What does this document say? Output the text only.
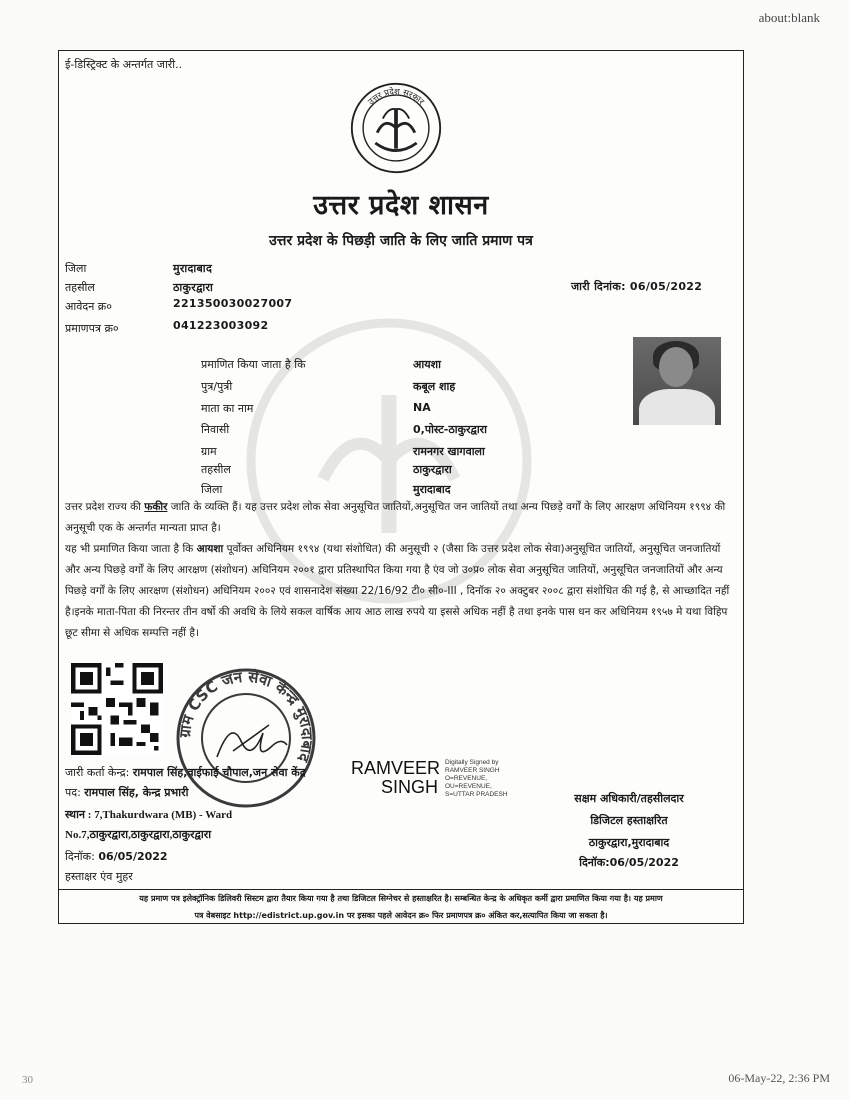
about:blank
ई-डिस्ट्रिक्ट के अन्तर्गत जारी..
उत्तर प्रदेश सरकार
उत्तर प्रदेश शासन
उत्तर प्रदेश के पिछड़ी जाति के लिए जाति प्रमाण पत्र
जिला	मुरादाबाद
तहसील	ठाकुरद्वारा
आवेदन क्र०	221350030027007
प्रमाणपत्र क्र०	041223003092
जारी दिनांक: 06/05/2022
प्रमाणित किया जाता है कि	आयशा
पुत्र/पुत्री	कबूल शाह
माता का नाम	NA
निवासी	0,पोस्ट-ठाकुरद्वारा
ग्राम	रामनगर खागवाला
तहसील	ठाकुरद्वारा
जिला	मुरादाबाद
उत्तर प्रदेश राज्य की फकीर जाति के व्यक्ति हैं। यह उत्तर प्रदेश लोक सेवा अनुसूचित जातियों,अनुसूचित जन जातियों तथा अन्य पिछड़े वर्गों के लिए आरक्षण अधिनियम १९९४ की अनुसूची एक के अन्तर्गत मान्यता प्राप्त है।
यह भी प्रमाणित किया जाता है कि आयशा पूर्वोक्त अधिनियम १९९४ (यथा संशोधित) की अनुसूची २ (जैसा कि उत्तर प्रदेश लोक सेवा)अनुसूचित जातियों, अनुसूचित जनजातियों और अन्य पिछड़े वर्गों के लिए आरक्षण (संशोधन) अधिनियम २००१ द्वारा प्रतिस्थापित किया गया है एंव जो उ०प्र० लोक सेवा अनुसूचित जातियों, अनुसूचित जनजातियों और अन्य पिछड़े वर्गों के लिए आरक्षण (संशोधन) अधिनियम २००२ एवं शासनादेश संख्या 22/16/92 टी० सी०-III , दिनॉक २० अक्टुबर २००८ द्वारा संशोधित की गई है, से आच्छादित नहीं है।इनके माता-पिता की निरन्तर तीन वर्षो की अवधि के लिये सकल वार्षिक आय आठ लाख रुपये या इससे अधिक नहीं है तथा इनके पास धन कर अधिनियम १९५७ मे यथा विहिप छूट सीमा से अधिक सम्पत्ति नहीं है।
ग्राम CSC जन सेवा केन्द्र मुरादाबाद
जारी कर्ता केन्द्र: रामपाल सिंह,वाईफाई चौपाल,जन सेवा केंद्र
पद: रामपाल सिंह, केन्द्र प्रभारी
स्थान : 7,Thakurdwara (MB) - Ward
No.7,ठाकुरद्वारा,ठाकुरद्वारा,ठाकुरद्वारा
दिनॉक: 06/05/2022
हस्ताक्षर एंव मुहर
RAMVEER
SINGH
Digitally Signed by
RAMVEER SINGH
O=REVENUE,
OU=REVENUE,
S=UTTAR PRADESH	सक्षम अधिकारी/तहसीलदार
डिजिटल हस्ताक्षरित
ठाकुरद्वारा,मुरादाबाद
दिनॉक:06/05/2022
यह प्रमाण पत्र इलेक्ट्रॉनिक डिलिवरी सिस्टम द्वारा तैयार किया गया है तथा डिजिटल सिग्नेचर से हस्ताक्षरित है। सम्बन्धित केन्द्र के अधिकृत कर्मी द्वारा प्रमाणित किया गया है। यह प्रमाण
पत्र वेबसाइट http://edistrict.up.gov.in पर इसका पहले आवेदन क्र० फिर प्रमाणपत्र क्र० अंकित कर,सत्यापित किया जा सकता है।
30	06-May-22, 2:36 PM
